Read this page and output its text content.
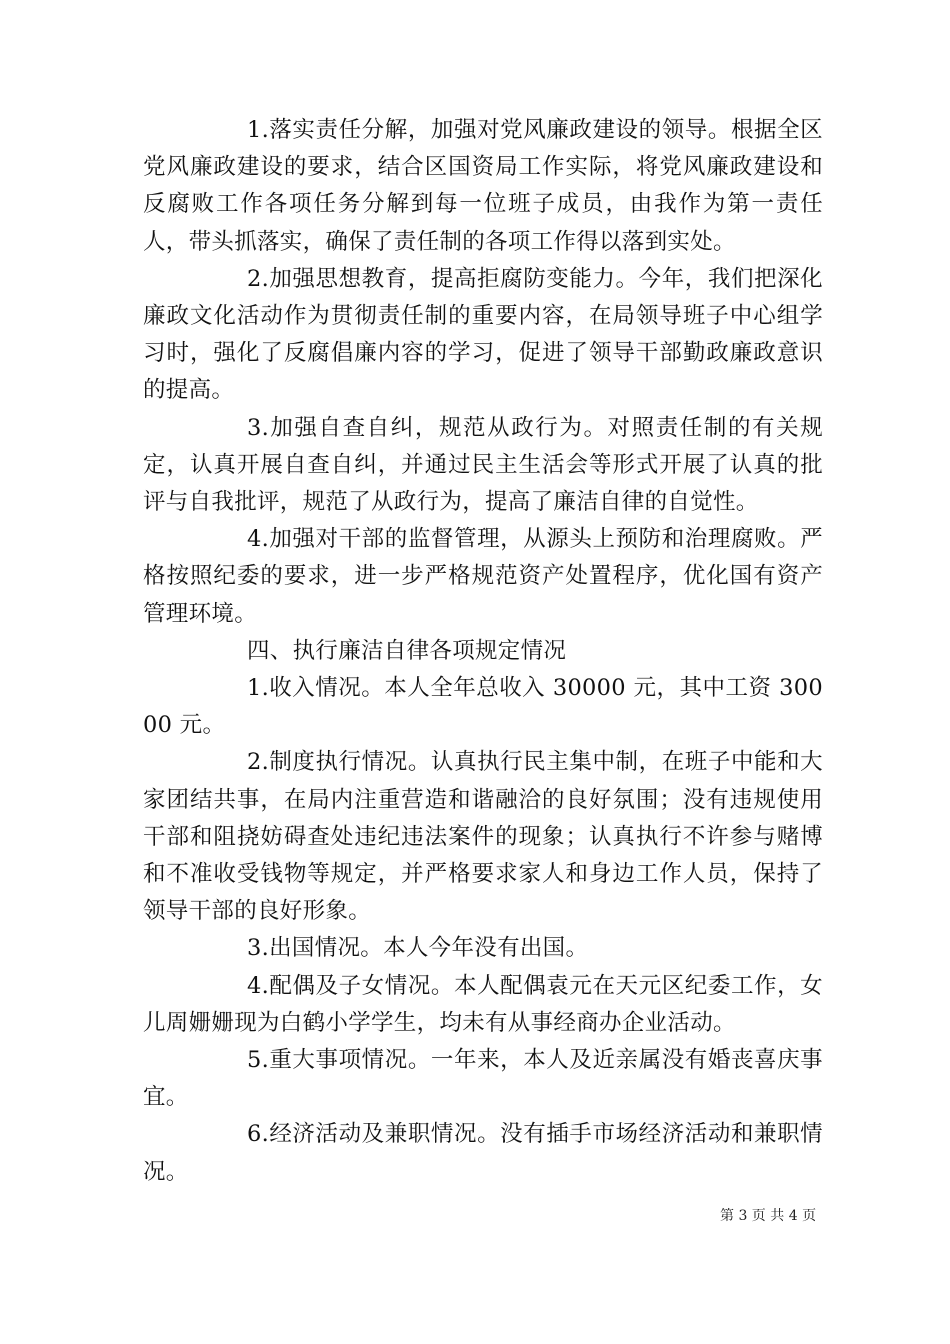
1.落实责任分解，加强对党风廉政建设的领导。根据全区党风廉政建设的要求，结合区国资局工作实际，将党风廉政建设和反腐败工作各项任务分解到每一位班子成员，由我作为第一责任人，带头抓落实，确保了责任制的各项工作得以落到实处。

2.加强思想教育，提高拒腐防变能力。今年，我们把深化廉政文化活动作为贯彻责任制的重要内容，在局领导班子中心组学习时，强化了反腐倡廉内容的学习，促进了领导干部勤政廉政意识的提高。

3.加强自查自纠，规范从政行为。对照责任制的有关规定，认真开展自查自纠，并通过民主生活会等形式开展了认真的批评与自我批评，规范了从政行为，提高了廉洁自律的自觉性。

4.加强对干部的监督管理，从源头上预防和治理腐败。严格按照纪委的要求，进一步严格规范资产处置程序，优化国有资产管理环境。

四、执行廉洁自律各项规定情况

1.收入情况。本人全年总收入 30000 元，其中工资 30000 元。

2.制度执行情况。认真执行民主集中制，在班子中能和大家团结共事，在局内注重营造和谐融洽的良好氛围；没有违规使用干部和阻挠妨碍查处违纪违法案件的现象；认真执行不许参与赌博和不准收受钱物等规定，并严格要求家人和身边工作人员，保持了领导干部的良好形象。

3.出国情况。本人今年没有出国。

4.配偶及子女情况。本人配偶袁元在天元区纪委工作，女儿周姗姗现为白鹤小学学生，均未有从事经商办企业活动。

5.重大事项情况。一年来，本人及近亲属没有婚丧喜庆事宜。

6.经济活动及兼职情况。没有插手市场经济活动和兼职情况。

第 3 页 共 4 页
